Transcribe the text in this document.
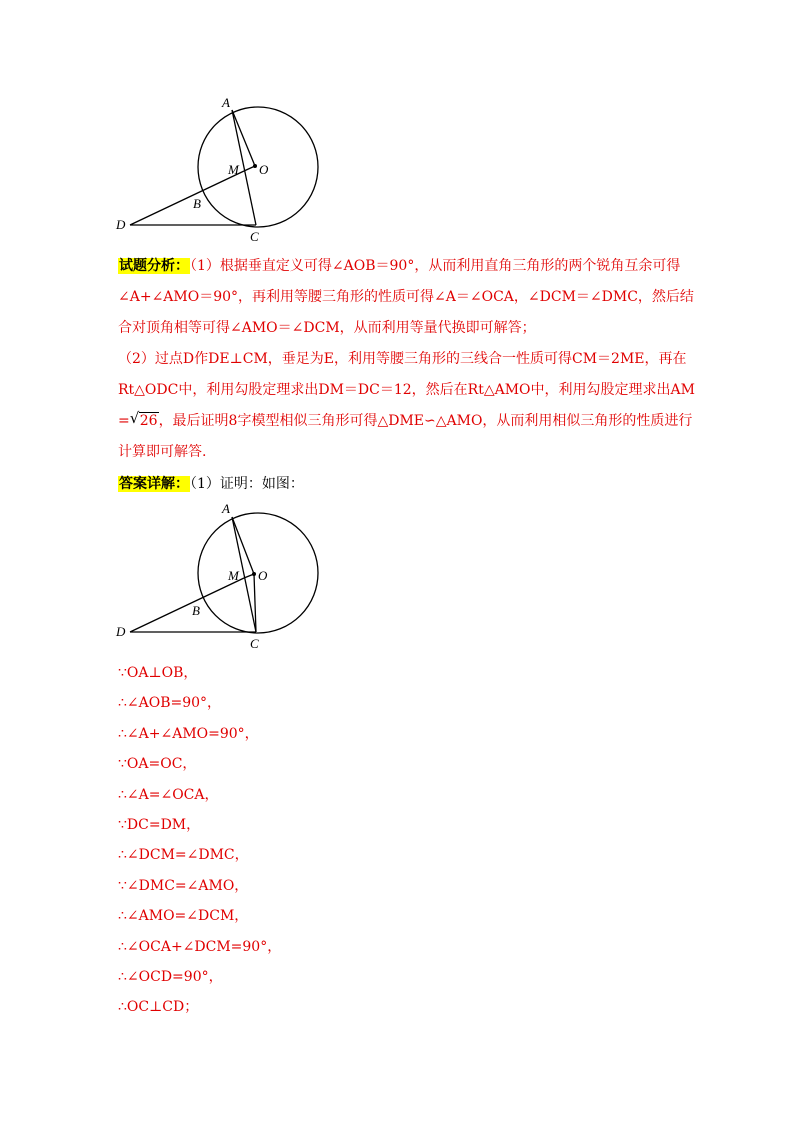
A
M O
B
D
C
试题分析：（1）根据垂直定义可得∠AOB＝90°，从而利用直角三角形的两个锐角互余可得∠A+∠AMO＝90°，再利用等腰三角形的性质可得∠A＝∠OCA，∠DCM＝∠DMC，然后结合对顶角相等可得∠AMO＝∠DCM，从而利用等量代换即可解答；
（2）过点D作DE⊥CM，垂足为E，利用等腰三角形的三线合一性质可得CM＝2ME，再在Rt△ODC中，利用勾股定理求出DM＝DC＝12，然后在Rt△AMO中，利用勾股定理求出AM
= √ 26，最后证明8字模型相似三角形可得△DME∽△AMO，从而利用相似三角形的性质进行计算即可解答.
答案详解：（1）证明：如图：
A
M O
B
D
C
∵OA⊥OB，
∴∠AOB=90°，
∴∠A+∠AMO=90°，
∵OA=OC，
∴∠A=∠OCA，
∵DC=DM，
∴∠DCM=∠DMC，
∵∠DMC=∠AMO，
∴∠AMO=∠DCM，
∴∠OCA+∠DCM=90°，
∴∠OCD=90°，
∴OC⊥CD；
